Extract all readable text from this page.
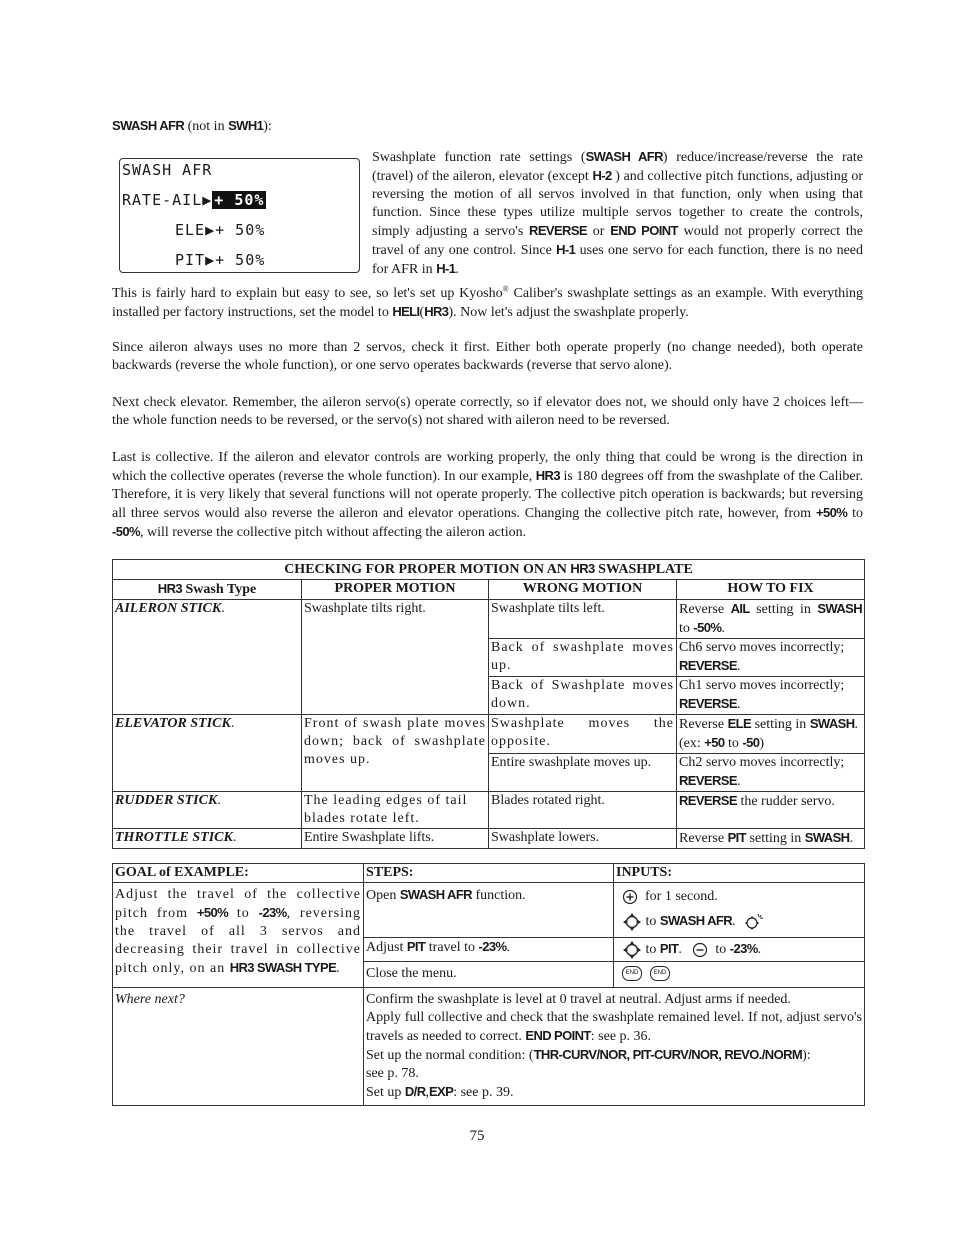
SWASH AFR (not in SWH1):
SWASH AFR
RATE-AIL▶ + 50%
ELE▶+ 50%
PIT▶+ 50%

Swashplate function rate settings (SWASH AFR) reduce/increase/reverse the rate (travel) of the aileron, elevator (except H-2 ) and collective pitch functions, adjusting or reversing the motion of all servos involved in that function, only when using that function. Since these types utilize multiple servos together to create the controls, simply adjusting a servo's REVERSE or END POINT would not properly correct the travel of any one control. Since H-1 uses one servo for each function, there is no need for AFR in H-1.

This is fairly hard to explain but easy to see, so let's set up Kyosho® Caliber's swashplate settings as an example. With everything installed per factory instructions, set the model to HELI(HR3). Now let's adjust the swashplate properly.

Since aileron always uses no more than 2 servos, check it first. Either both operate properly (no change needed), both operate backwards (reverse the whole function), or one servo operates backwards (reverse that servo alone).

Next check elevator. Remember, the aileron servo(s) operate correctly, so if elevator does not, we should only have 2 choices left—the whole function needs to be reversed, or the servo(s) not shared with aileron need to be reversed.

Last is collective. If the aileron and elevator controls are working properly, the only thing that could be wrong is the direction in which the collective operates (reverse the whole function). In our example, HR3 is 180 degrees off from the swashplate of the Caliber. Therefore, it is very likely that several functions will not operate properly. The collective pitch operation is backwards; but reversing all three servos would also reverse the aileron and elevator operations. Changing the collective pitch rate, however, from +50% to -50%, will reverse the collective pitch without affecting the aileron action.

CHECKING FOR PROPER MOTION ON AN HR3 SWASHPLATE			
HR3 Swash Type	PROPER MOTION	WRONG MOTION	HOW TO FIX
AILERON STICK.	Swashplate tilts right.	Swashplate tilts left.	Reverse AIL setting in SWASH to -50%.
		Back of swashplate moves up.	Ch6 servo moves incorrectly; REVERSE.
		Back of Swashplate moves down.	Ch1 servo moves incorrectly; REVERSE.
ELEVATOR STICK.	Front of swash plate moves down; back of swashplate moves up.	Swashplate moves the opposite.	Reverse ELE setting in SWASH. (ex: +50 to -50)
		Entire swashplate moves up.	Ch2 servo moves incorrectly; REVERSE.
RUDDER STICK.	The leading edges of tail blades rotate left.	Blades rotated right.	REVERSE the rudder servo.
THROTTLE STICK.	Entire Swashplate lifts.	Swashplate lowers.	Reverse PIT setting in SWASH.
GOAL of EXAMPLE:	STEPS:	INPUTS:
Adjust the travel of the collective pitch from +50% to -23%, reversing the travel of all 3 servos and decreasing their travel in collective pitch only, on an HR3 SWASH TYPE.	Open SWASH AFR function.	for 1 second.
to SWASH AFR.

	Adjust PIT travel to -23%.	to PIT. to -23%.
	Close the menu.	END END
Where next?	Confirm the swashplate is level at 0 travel at neutral. Adjust arms if needed.
Apply full collective and check that the swashplate remained level. If not, adjust servo's travels as needed to correct. END POINT: see p. 36.
Set up the normal condition: (THR-CURV/NOR, PIT-CURV/NOR, REVO./NORM):
see p. 78.
Set up D/R,EXP: see p. 39.	
75
